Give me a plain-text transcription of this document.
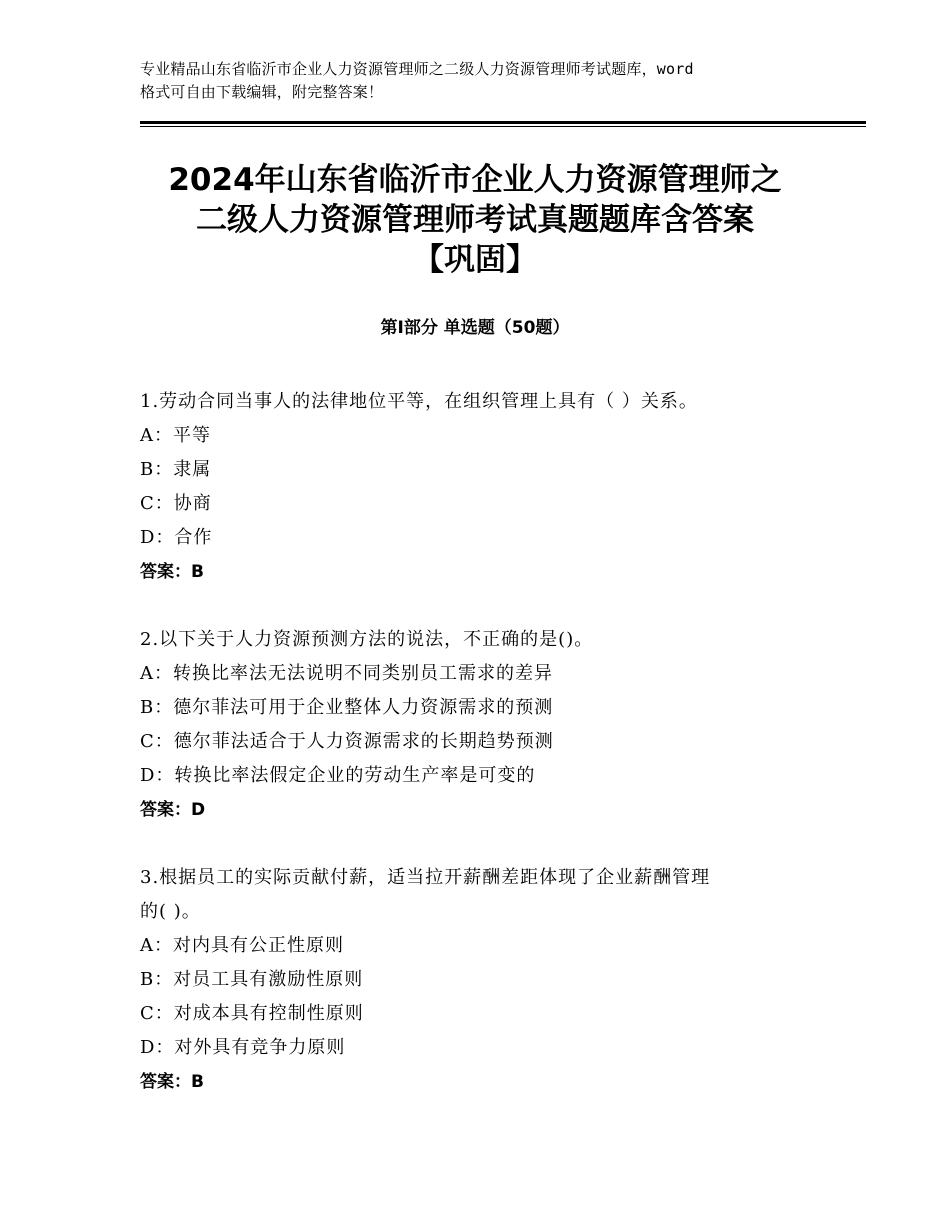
专业精品山东省临沂市企业人力资源管理师之二级人力资源管理师考试题库，word
格式可自由下载编辑，附完整答案！
2024年山东省临沂市企业人力资源管理师之
二级人力资源管理师考试真题题库含答案
【巩固】
第Ⅰ部分 单选题（50题）
1.劳动合同当事人的法律地位平等，在组织管理上具有（ ）关系。
A：平等
B：隶属
C：协商
D：合作
答案：B
2.以下关于人力资源预测方法的说法，不正确的是()。
A：转换比率法无法说明不同类别员工需求的差异
B：德尔菲法可用于企业整体人力资源需求的预测
C：德尔菲法适合于人力资源需求的长期趋势预测
D：转换比率法假定企业的劳动生产率是可变的
答案：D
3.根据员工的实际贡献付薪，适当拉开薪酬差距体现了企业薪酬管理
的( )。
A：对内具有公正性原则
B：对员工具有激励性原则
C：对成本具有控制性原则
D：对外具有竞争力原则
答案：B
